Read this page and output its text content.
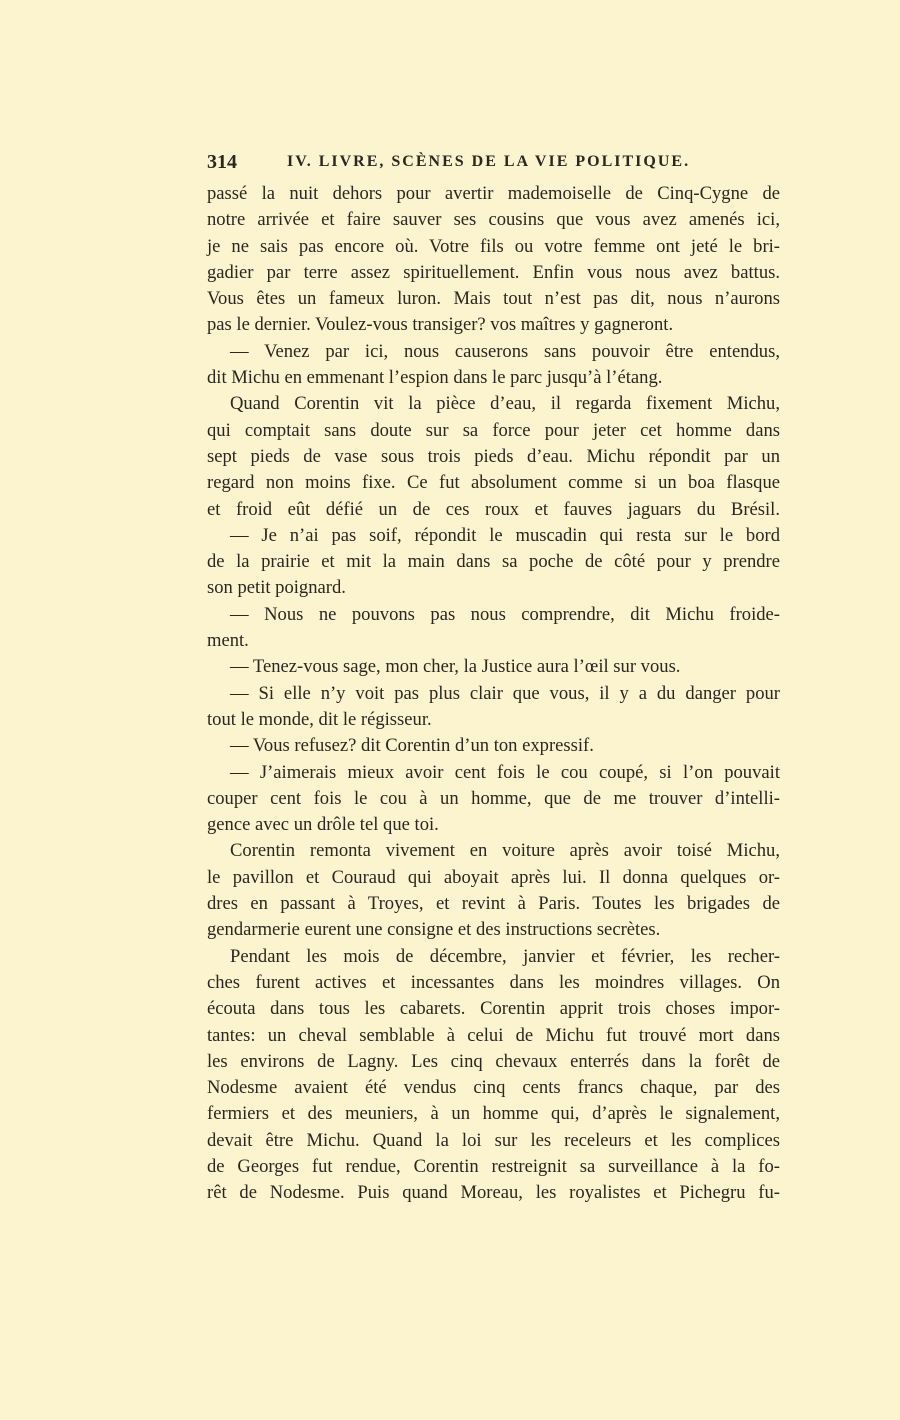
314	IV. LIVRE, SCÈNES DE LA VIE POLITIQUE.
passé la nuit dehors pour avertir mademoiselle de Cinq-Cygne de
notre arrivée et faire sauver ses cousins que vous avez amenés ici,
je ne sais pas encore où. Votre fils ou votre femme ont jeté le bri-
gadier par terre assez spirituellement. Enfin vous nous avez battus.
Vous êtes un fameux luron. Mais tout n’est pas dit, nous n’aurons
pas le dernier. Voulez-vous transiger? vos maîtres y gagneront.
— Venez par ici, nous causerons sans pouvoir être entendus,
dit Michu en emmenant l’espion dans le parc jusqu’à l’étang.
Quand Corentin vit la pièce d’eau, il regarda fixement Michu,
qui comptait sans doute sur sa force pour jeter cet homme dans
sept pieds de vase sous trois pieds d’eau. Michu répondit par un
regard non moins fixe. Ce fut absolument comme si un boa flasque
et froid eût défié un de ces roux et fauves jaguars du Brésil.
— Je n’ai pas soif, répondit le muscadin qui resta sur le bord
de la prairie et mit la main dans sa poche de côté pour y prendre
son petit poignard.
— Nous ne pouvons pas nous comprendre, dit Michu froide-
ment.
— Tenez-vous sage, mon cher, la Justice aura l’œil sur vous.
— Si elle n’y voit pas plus clair que vous, il y a du danger pour
tout le monde, dit le régisseur.
— Vous refusez? dit Corentin d’un ton expressif.
— J’aimerais mieux avoir cent fois le cou coupé, si l’on pouvait
couper cent fois le cou à un homme, que de me trouver d’intelli-
gence avec un drôle tel que toi.
Corentin remonta vivement en voiture après avoir toisé Michu,
le pavillon et Couraud qui aboyait après lui. Il donna quelques or-
dres en passant à Troyes, et revint à Paris. Toutes les brigades de
gendarmerie eurent une consigne et des instructions secrètes.
Pendant les mois de décembre, janvier et février, les recher-
ches furent actives et incessantes dans les moindres villages. On
écouta dans tous les cabarets. Corentin apprit trois choses impor-
tantes: un cheval semblable à celui de Michu fut trouvé mort dans
les environs de Lagny. Les cinq chevaux enterrés dans la forêt de
Nodesme avaient été vendus cinq cents francs chaque, par des
fermiers et des meuniers, à un homme qui, d’après le signalement,
devait être Michu. Quand la loi sur les receleurs et les complices
de Georges fut rendue, Corentin restreignit sa surveillance à la fo-
rêt de Nodesme. Puis quand Moreau, les royalistes et Pichegru fu-
